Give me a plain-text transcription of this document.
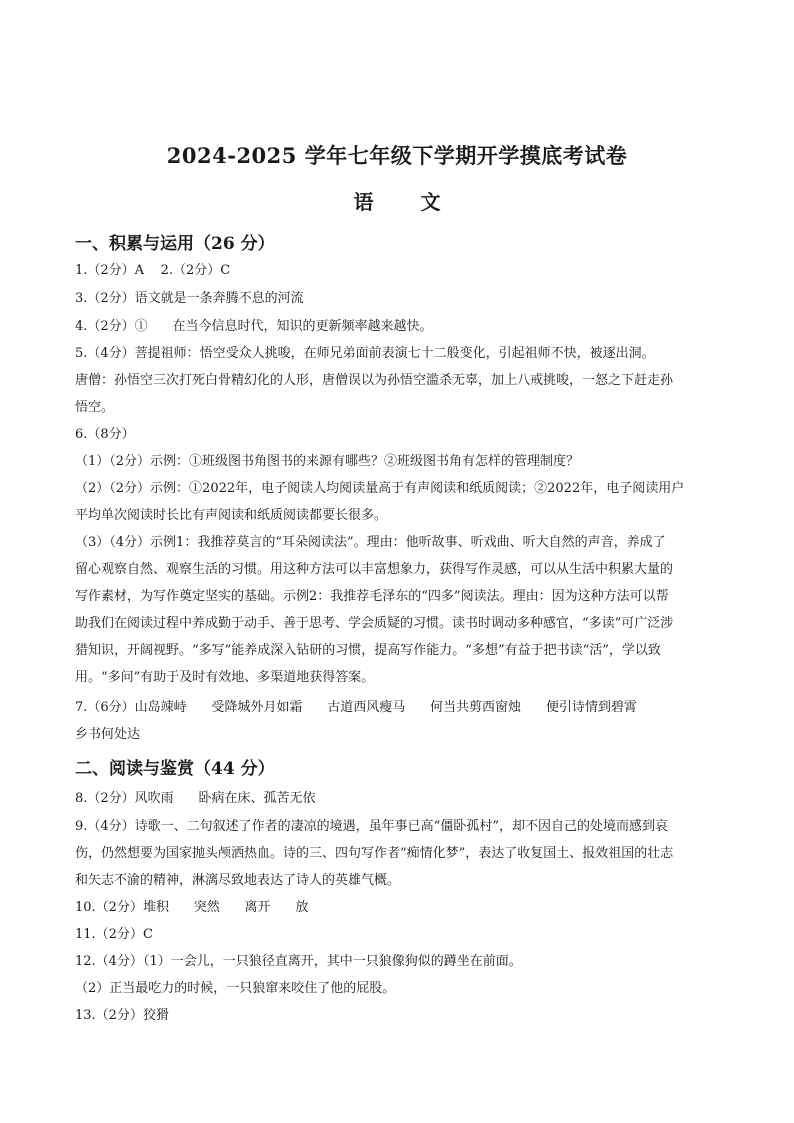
2024-2025 学年七年级下学期开学摸底考试卷
语 文
一、积累与运用（26 分）
1.（2分）A    2.（2分）C
3.（2分）语文就是一条奔腾不息的河流
4.（2分）①      在当今信息时代，知识的更新频率越来越快。
5.（4分）菩提祖师：悟空受众人挑唆，在师兄弟面前表演七十二般变化，引起祖师不快，被逐出洞。
唐僧：孙悟空三次打死白骨精幻化的人形，唐僧误以为孙悟空滥杀无辜，加上八戒挑唆，一怒之下赶走孙
悟空。
6.（8分）
（1）（2分）示例：①班级图书角图书的来源有哪些？②班级图书角有怎样的管理制度？
（2）（2分）示例：①2022年，电子阅读人均阅读量高于有声阅读和纸质阅读；②2022年，电子阅读用户
平均单次阅读时长比有声阅读和纸质阅读都要长很多。
（3）（4分）示例1：我推荐莫言的“耳朵阅读法”。理由：他听故事、听戏曲、听大自然的声音，养成了
留心观察自然、观察生活的习惯。用这种方法可以丰富想象力，获得写作灵感，可以从生活中积累大量的
写作素材，为写作奠定坚实的基础。示例2：我推荐毛泽东的“四多”阅读法。理由：因为这种方法可以帮
助我们在阅读过程中养成勤于动手、善于思考、学会质疑的习惯。读书时调动多种感官，“多读”可广泛涉
猎知识，开阔视野。“多写”能养成深入钻研的习惯，提高写作能力。“多想”有益于把书读“活”，学以致
用。“多问”有助于及时有效地、多渠道地获得答案。
7.（6分）山岛竦峙      受降城外月如霜      古道西风瘦马      何当共剪西窗烛      便引诗情到碧霄
乡书何处达
二、阅读与鉴赏（44 分）
8.（2分）风吹雨      卧病在床、孤苦无依
9.（4分）诗歌一、二句叙述了作者的凄凉的境遇，虽年事已高“僵卧孤村”，却不因自己的处境而感到哀
伤，仍然想要为国家抛头颅洒热血。诗的三、四句写作者“痴情化梦”，表达了收复国土、报效祖国的壮志
和矢志不渝的精神，淋漓尽致地表达了诗人的英雄气概。
10.（2分）堆积      突然      离开      放
11.（2分）C
12.（4分）（1）一会儿，一只狼径直离开，其中一只狼像狗似的蹲坐在前面。
（2）正当最吃力的时候，一只狼窜来咬住了他的屁股。
13.（2分）狡猾
